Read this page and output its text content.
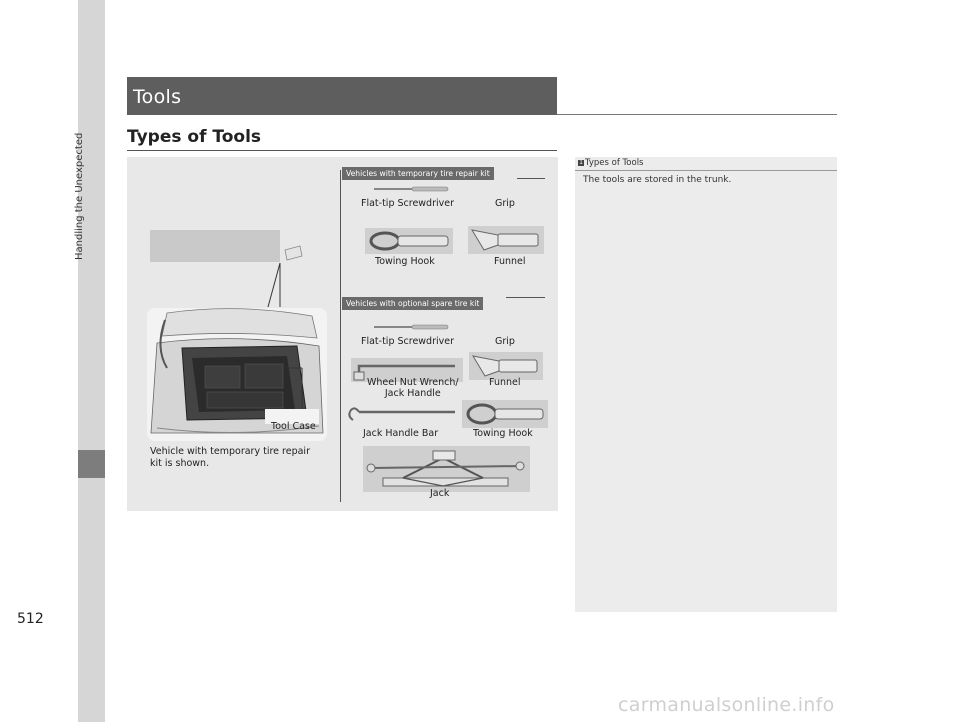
Handling the Unexpected
512
Tools
Types of Tools
1 Types of Tools
The tools are stored in the trunk.
Tool Case
Vehicle with temporary tire repair
kit is shown.
Vehicles with temporary tire repair kit
Flat-tip Screwdriver	Grip
Towing Hook	Funnel
Vehicles with optional spare tire kit
Flat-tip Screwdriver	Grip
Wheel Nut Wrench/
Jack Handle
Funnel
Jack Handle Bar	Towing Hook
Jack
carmanualsonline.info
